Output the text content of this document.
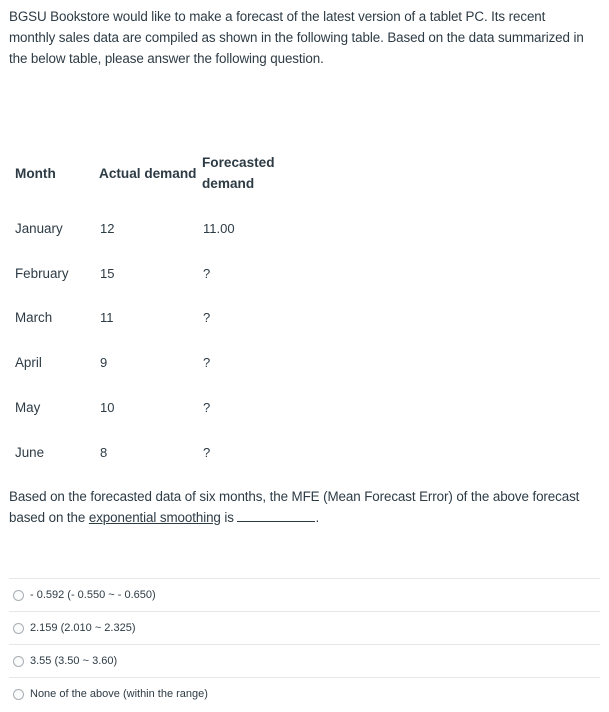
BGSU Bookstore would like to make a forecast of the latest version of a tablet PC. Its recent
monthly sales data are compiled as shown in the following table. Based on the data summarized in
the below table, please answer the following question.
Month	Actual demand
Forecasted
demand
January	12	11.00
February 15	?
March	11	?
April	9	?
May	10	?
June	8	?
Based on the forecasted data of six months, the MFE (Mean Forecast Error) of the above forecast
based on the exponential smoothing is	.
- 0.592 (- 0.550 ~ - 0.650)
2.159 (2.010 ~ 2.325)
3.55 (3.50 ~ 3.60)
None of the above (within the range)
